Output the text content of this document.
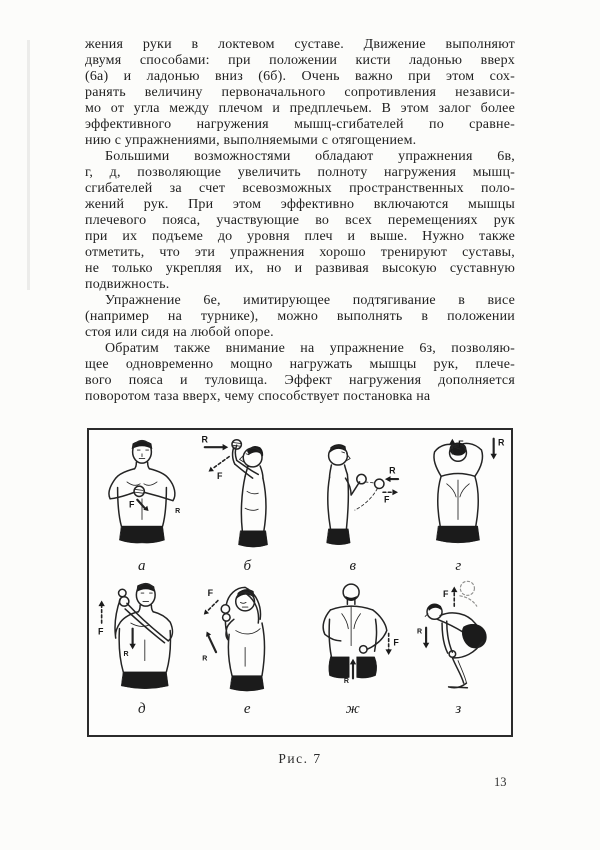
жения руки в локтевом суставе. Движение выполняют
двумя способами: при положении кисти ладонью вверх
(6а) и ладонью вниз (6б). Очень важно при этом сох-
ранять величину первоначального сопротивления независи-
мо от угла между плечом и предплечьем. В этом залог более
эффективного нагружения мышц-сгибателей по сравне-
нию с упражнениями, выполняемыми с отягощением.
Большими возможностями обладают упражнения 6в,
г, д, позволяющие увеличить полноту нагружения мышц-
сгибателей за счет всевозможных пространственных поло-
жений рук. При этом эффективно включаются мышцы
плечевого пояса, участвующие во всех перемещениях рук
при их подъеме до уровня плеч и выше. Нужно также
отметить, что эти упражнения хорошо тренируют суставы,
не только укрепляя их, но и развивая высокую суставную
подвижность.
Упражнение 6е, имитирующее подтягивание в висе
(например на турнике), можно выполнять в положении
стоя или сидя на любой опоре.
Обратим также внимание на упражнение 6з, позволяю-
щее одновременно мощно нагружать мышцы рук, плече-
вого пояса и туловища. Эффект нагружения дополняется
поворотом таза вверх, чему способствует постановка на
F
R
а
R
F
б
R
F
в
F	R
г
F
R
д
F
R
е
F
R
ж
F
R
з
Рис. 7
13
